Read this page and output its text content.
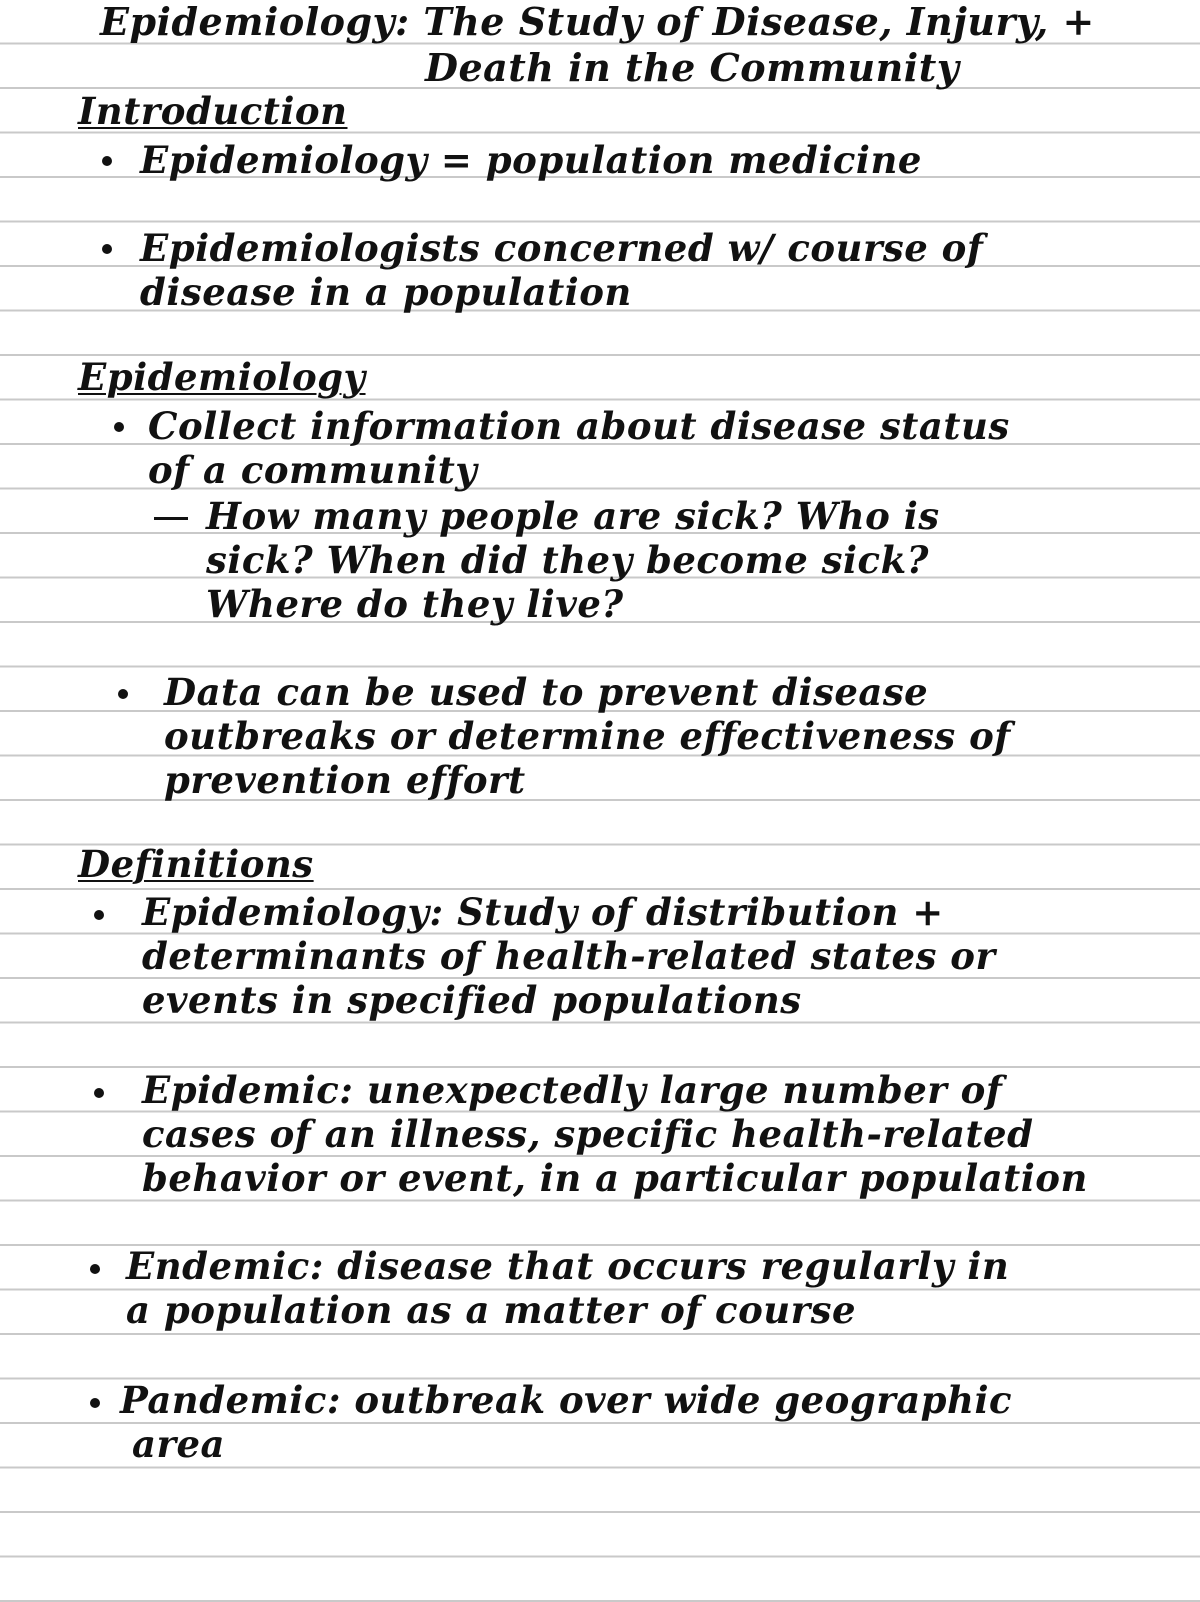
Epidemiology: The Study of Disease, Injury, +

Death in the Community

Introduction

Epidemiology = population medicine

Epidemiologists concerned w/ course of

disease in a population

Epidemiology

Collect information about disease status

of a community

How many people are sick? Who is

sick? When did they become sick?

Where do they live?

Data can be used to prevent disease

outbreaks or determine effectiveness of

prevention effort

Definitions

Epidemiology: Study of distribution +

determinants of health-related states or

events in specified populations

Epidemic: unexpectedly large number of

cases of an illness, specific health-related

behavior or event, in a particular population

Endemic: disease that occurs regularly in

a population as a matter of course

Pandemic: outbreak over wide geographic

area
